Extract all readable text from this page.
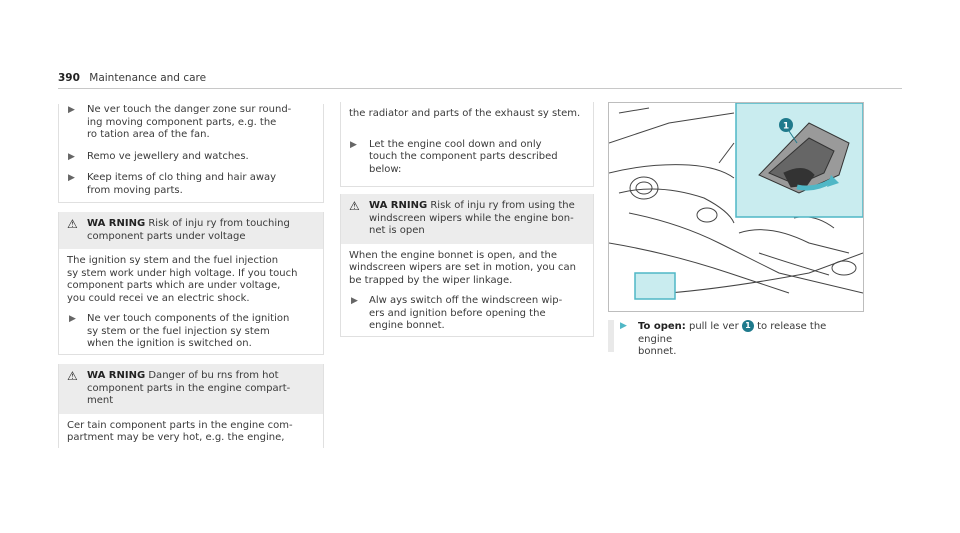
390 Maintenance and care
▶ Ne ver touch the danger zone sur round‐
ing moving component parts, e.g. the
ro tation area of the fan.
▶ Remo ve jewellery and watches.
▶ Keep items of clo thing and hair away
from moving parts.
⚠ WA RNING Risk of inju ry from touching
component parts under voltage
The ignition sy stem and the fuel injection
sy stem work under high voltage. If you touch
component parts which are under voltage,
you could recei ve an electric shock.
▶ Ne ver touch components of the ignition
sy stem or the fuel injection sy stem
when the ignition is switched on.
⚠ WA RNING Danger of bu rns from hot
component parts in the engine compart‐
ment
Cer tain component parts in the engine com‐
partment may be very hot, e.g. the engine,
the radiator and parts of the exhaust sy stem.
▶ Let the engine cool down and only
touch the component parts described
below:
⚠ WA RNING Risk of inju ry from using the
windscreen wipers while the engine bon‐
net is open
When the engine bonnet is open, and the
windscreen wipers are set in motion, you can
be trapped by the wiper linkage.
▶ Alw ays switch off the windscreen wip‐
ers and ignition before opening the
engine bonnet.
1
▶	To open: pull le ver 1 to release the engine
bonnet.
